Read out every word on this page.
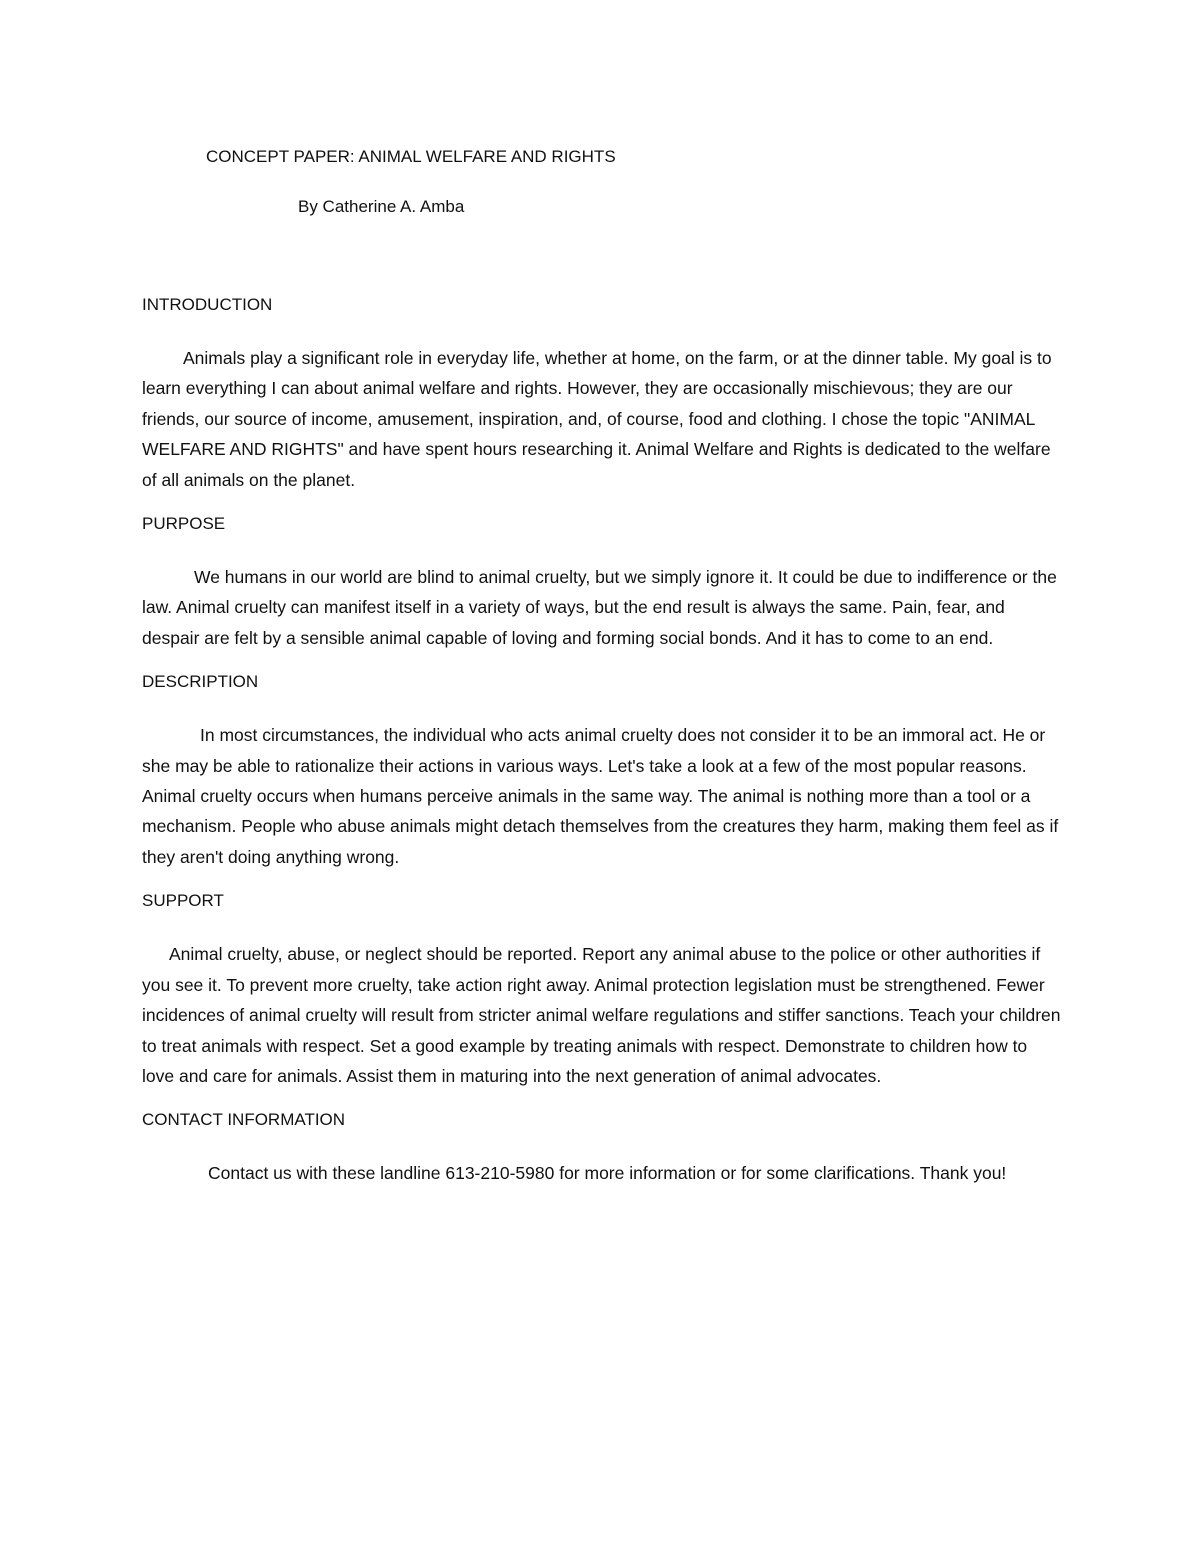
CONCEPT PAPER: ANIMAL WELFARE AND RIGHTS
By Catherine A. Amba

INTRODUCTION

Animals play a significant role in everyday life, whether at home, on the farm, or at the dinner table. My goal is to learn everything I can about animal welfare and rights. However, they are occasionally mischievous; they are our friends, our source of income, amusement, inspiration, and, of course, food and clothing. I chose the topic "ANIMAL WELFARE AND RIGHTS" and have spent hours researching it. Animal Welfare and Rights is dedicated to the welfare of all animals on the planet.

PURPOSE

We humans in our world are blind to animal cruelty, but we simply ignore it. It could be due to indifference or the law. Animal cruelty can manifest itself in a variety of ways, but the end result is always the same. Pain, fear, and despair are felt by a sensible animal capable of loving and forming social bonds. And it has to come to an end.

DESCRIPTION

In most circumstances, the individual who acts animal cruelty does not consider it to be an immoral act. He or she may be able to rationalize their actions in various ways. Let's take a look at a few of the most popular reasons. Animal cruelty occurs when humans perceive animals in the same way. The animal is nothing more than a tool or a mechanism. People who abuse animals might detach themselves from the creatures they harm, making them feel as if they aren't doing anything wrong.

SUPPORT

Animal cruelty, abuse, or neglect should be reported. Report any animal abuse to the police or other authorities if you see it. To prevent more cruelty, take action right away. Animal protection legislation must be strengthened. Fewer incidences of animal cruelty will result from stricter animal welfare regulations and stiffer sanctions. Teach your children to treat animals with respect. Set a good example by treating animals with respect. Demonstrate to children how to love and care for animals. Assist them in maturing into the next generation of animal advocates.

CONTACT INFORMATION

Contact us with these landline 613-210-5980 for more information or for some clarifications. Thank you!
